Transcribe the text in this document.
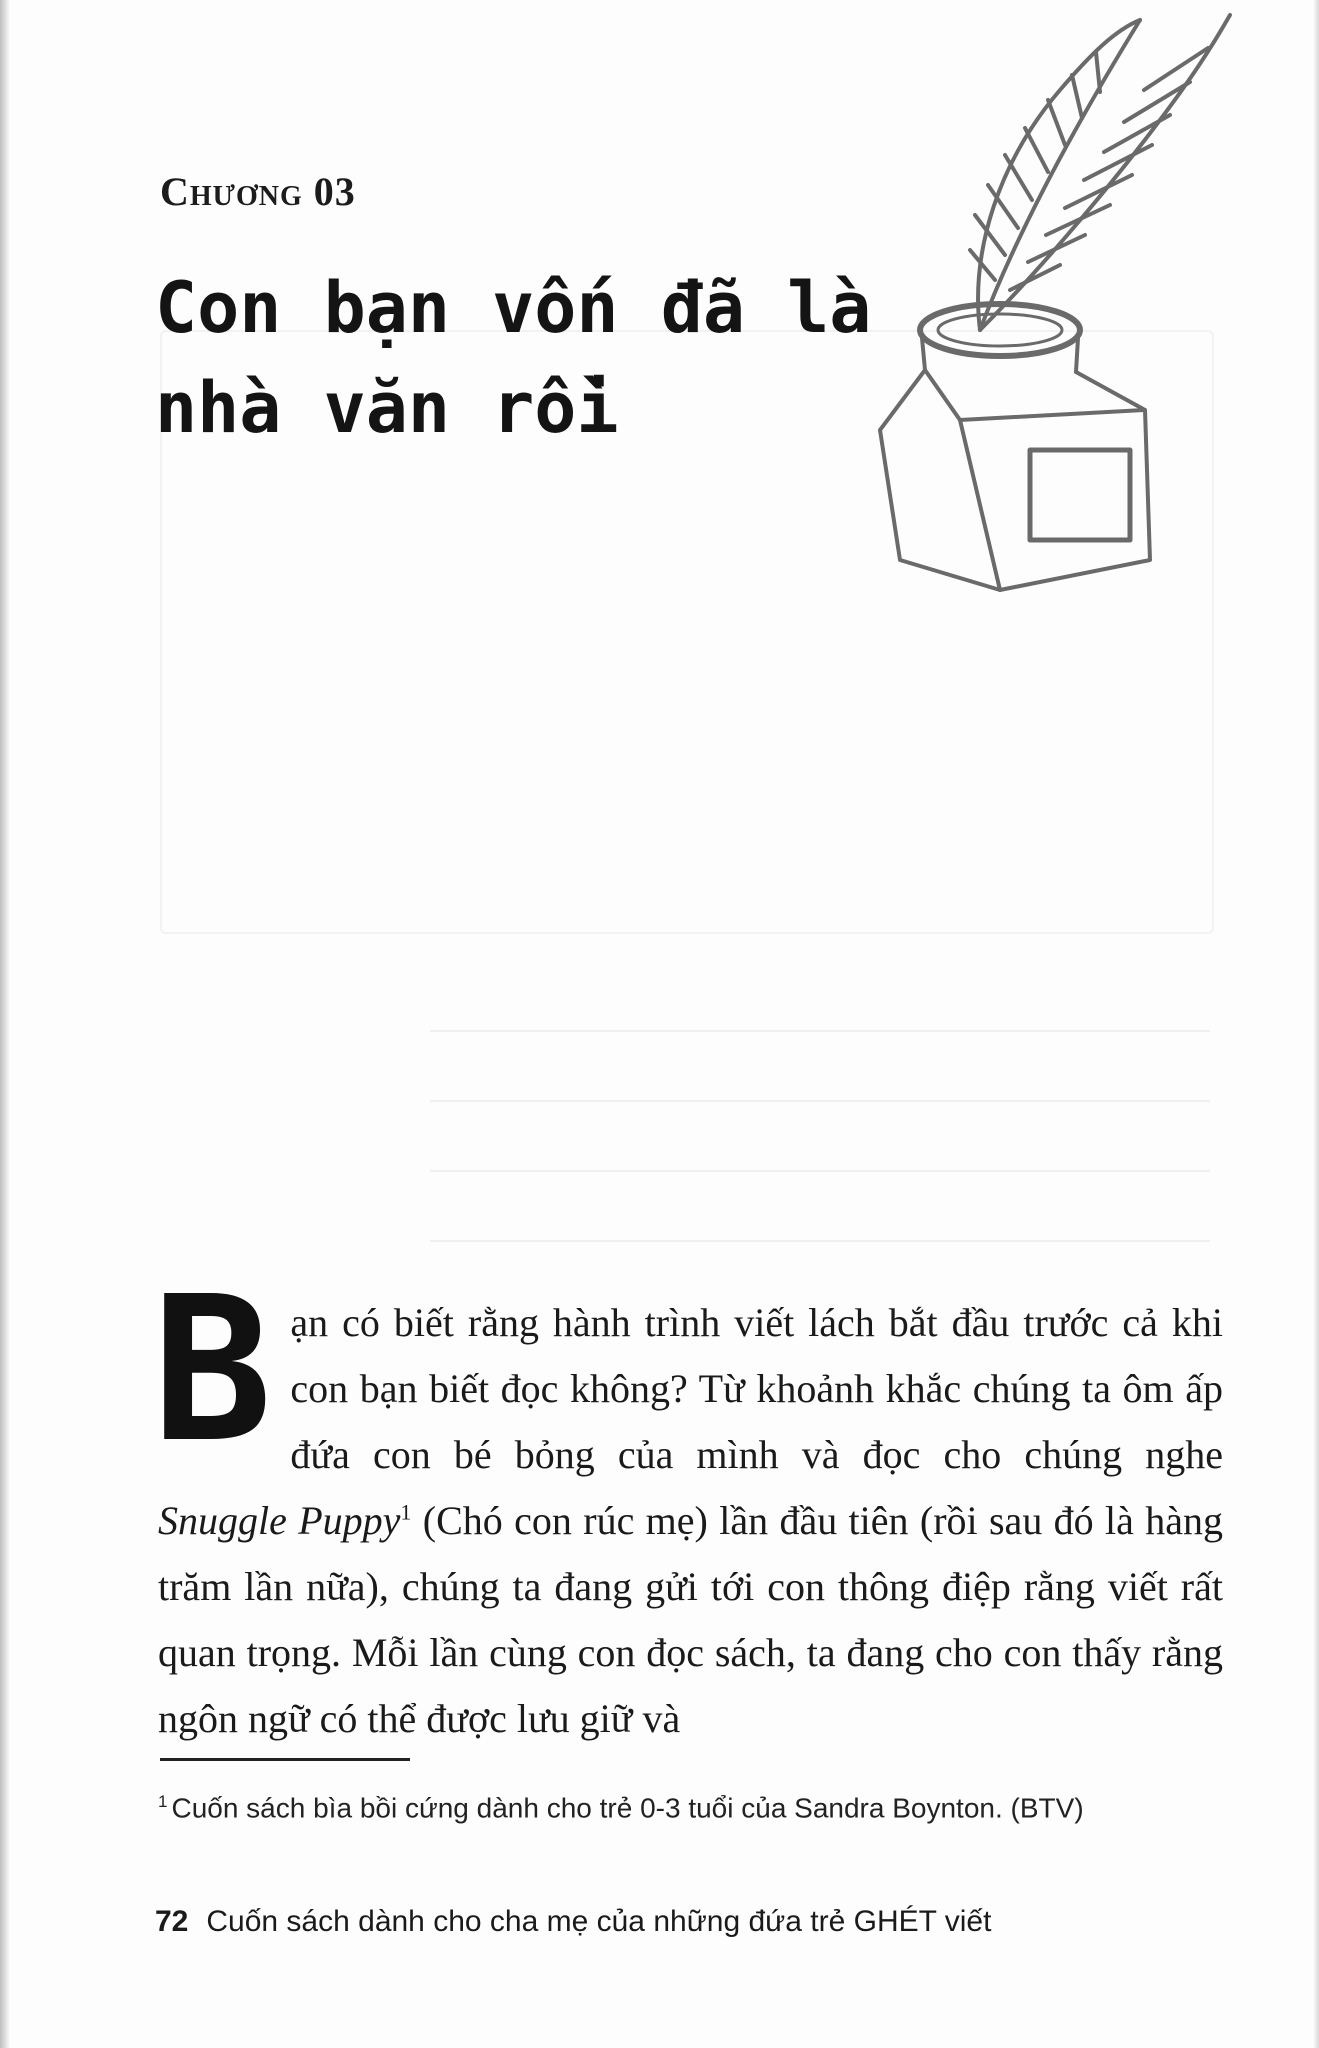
Chương 03
Con bạn vốn đã là
nhà văn rồi
Bạn có biết rằng hành trình viết lách bắt đầu trước cả khi con bạn biết đọc không? Từ khoảnh khắc chúng ta ôm ấp đứa con bé bỏng của mình và đọc cho chúng nghe Snuggle Puppy$^1$ (Chó con rúc mẹ) lần đầu tiên (rồi sau đó là hàng trăm lần nữa), chúng ta đang gửi tới con thông điệp rằng viết rất quan trọng. Mỗi lần cùng con đọc sách, ta đang cho con thấy rằng ngôn ngữ có thể được lưu giữ và
$^1$ Cuốn sách bìa bồi cứng dành cho trẻ 0-3 tuổi của Sandra Boynton. (BTV)
72 Cuốn sách dành cho cha mẹ của những đứa trẻ GHÉT viết
